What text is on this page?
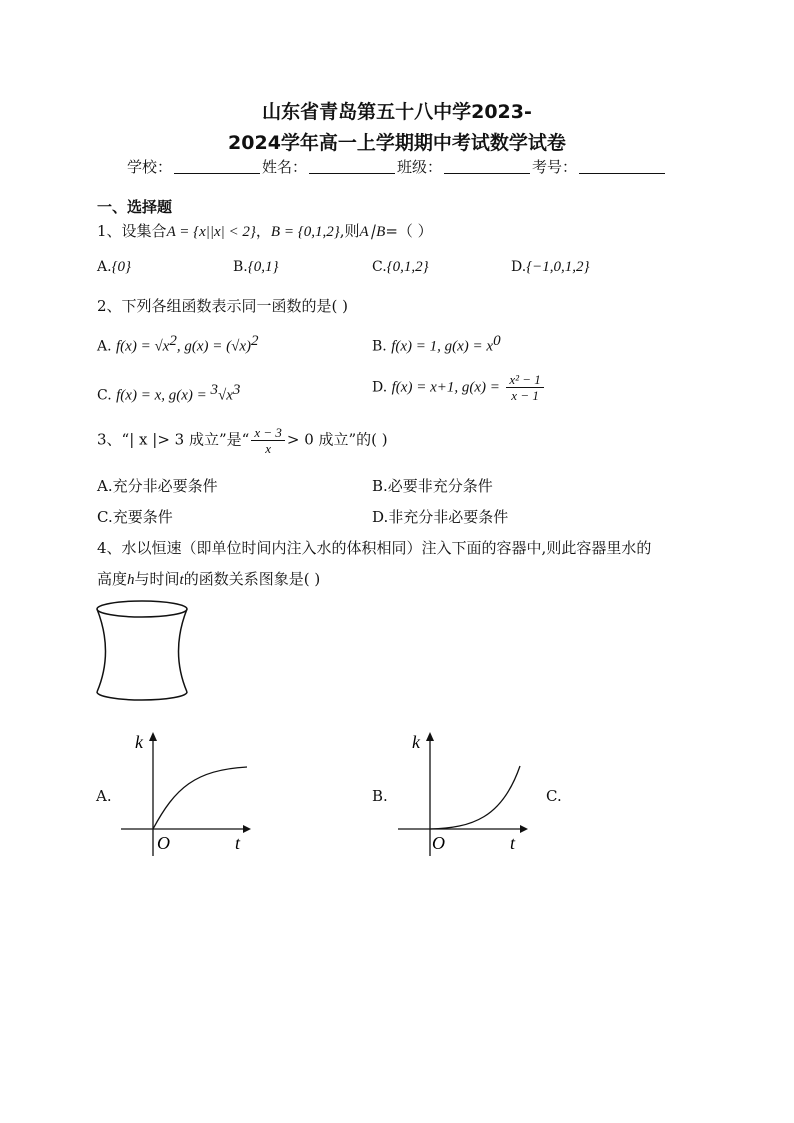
山东省青岛第五十八中学2023-
2024学年高一上学期期中考试数学试卷
学校：	姓名：	班级：	考号：
一、选择题
1、设集合A = {x||x| < 2}，B = {0,1,2},则A∣B=（ ）
A.{0}	B.{0,1}	C.{0,1,2}	D.{−1,0,1,2}
2、下列各组函数表示同一函数的是( )
A. $f(x) = √x^2$, $g(x) = (√x)^2$	B. f(x) = 1, $g(x) = x^0$
C. f(x) = x, $g(x) = ^3√x^3$	D. f(x) = x+1, $g(x) = \frac{\text{x² − 1}}{x - 1}$
3、“| x |> 3 成立”是“ $\frac{x - 3}{x} > 0$ 成立”的( )
A.充分非必要条件	B.必要非充分条件
C.充要条件	D.非充分非必要条件
4、水以恒速（即单位时间内注入水的体积相同）注入下面的容器中,则此容器里水的
高度h与时间t的函数关系图象是( )
A.
k
t
O
B.
k
t
O
C.
